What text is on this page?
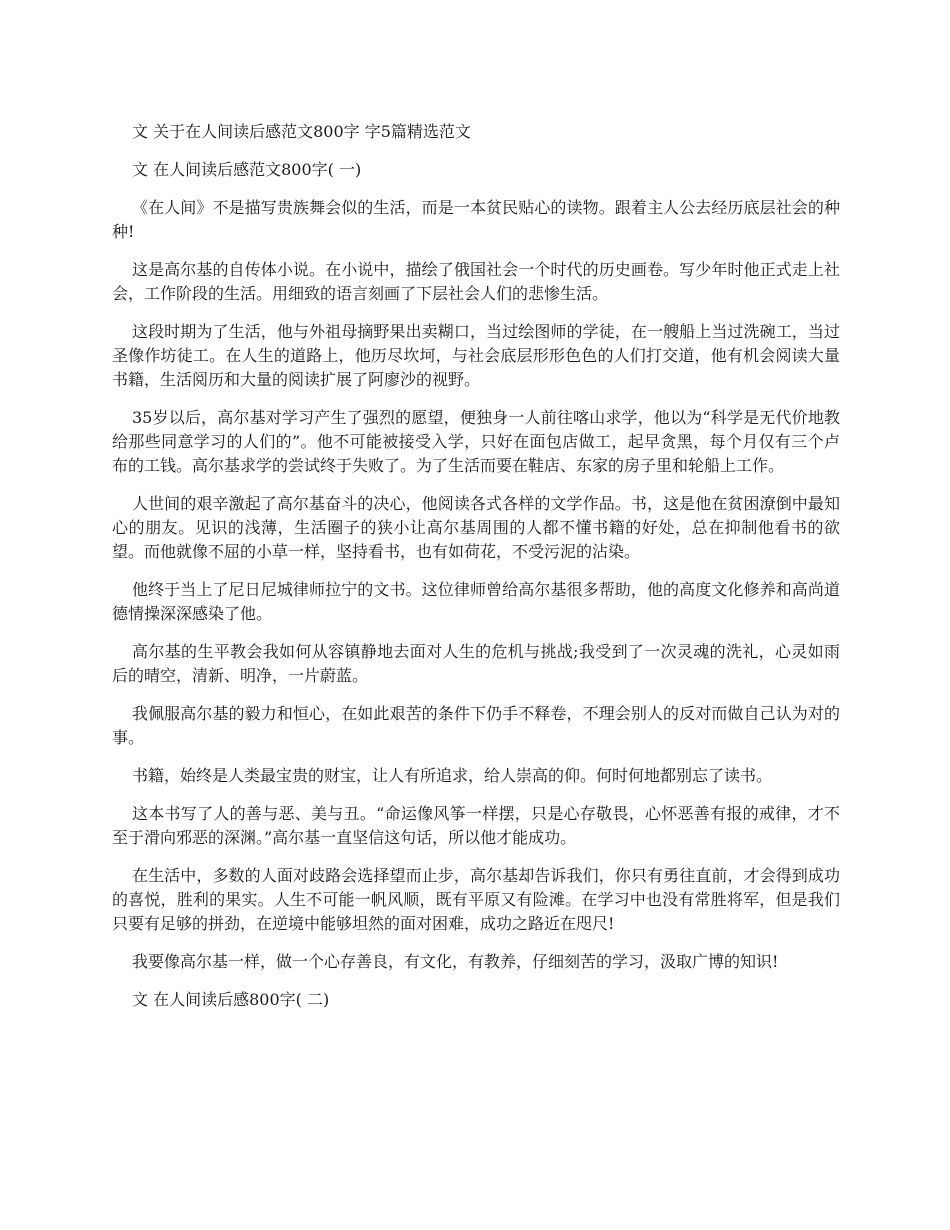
文 关于在人间读后感范文800字 字5篇精选范文
文 在人间读后感范文800字( 一)

《在人间》不是描写贵族舞会似的生活，而是一本贫民贴心的读物。跟着主人公去经历底层社会的种种!

这是高尔基的自传体小说。在小说中，描绘了俄国社会一个时代的历史画卷。写少年时他正式走上社会，工作阶段的生活。用细致的语言刻画了下层社会人们的悲惨生活。

这段时期为了生活，他与外祖母摘野果出卖糊口，当过绘图师的学徒，在一艘船上当过洗碗工，当过圣像作坊徒工。在人生的道路上，他历尽坎坷，与社会底层形形色色的人们打交道，他有机会阅读大量书籍，生活阅历和大量的阅读扩展了阿廖沙的视野。

35岁以后，高尔基对学习产生了强烈的愿望，便独身一人前往喀山求学，他以为“科学是无代价地教给那些同意学习的人们的”。他不可能被接受入学，只好在面包店做工，起早贪黑，每个月仅有三个卢布的工钱。高尔基求学的尝试终于失败了。为了生活而要在鞋店、东家的房子里和轮船上工作。

人世间的艰辛激起了高尔基奋斗的决心，他阅读各式各样的文学作品。书，这是他在贫困潦倒中最知心的朋友。见识的浅薄，生活圈子的狭小让高尔基周围的人都不懂书籍的好处，总在抑制他看书的欲望。而他就像不屈的小草一样，坚持看书，也有如荷花，不受污泥的沾染。

他终于当上了尼日尼城律师拉宁的文书。这位律师曾给高尔基很多帮助，他的高度文化修养和高尚道德情操深深感染了他。

高尔基的生平教会我如何从容镇静地去面对人生的危机与挑战;我受到了一次灵魂的洗礼，心灵如雨后的晴空，清新、明净，一片蔚蓝。

我佩服高尔基的毅力和恒心，在如此艰苦的条件下仍手不释卷，不理会别人的反对而做自己认为对的事。

书籍，始终是人类最宝贵的财宝，让人有所追求，给人崇高的仰。何时何地都别忘了读书。

这本书写了人的善与恶、美与丑。“命运像风筝一样摆，只是心存敬畏，心怀恶善有报的戒律，才不至于滑向邪恶的深渊。”高尔基一直坚信这句话，所以他才能成功。

在生活中，多数的人面对歧路会选择望而止步，高尔基却告诉我们，你只有勇往直前，才会得到成功的喜悦，胜利的果实。人生不可能一帆风顺，既有平原又有险滩。在学习中也没有常胜将军，但是我们只要有足够的拼劲，在逆境中能够坦然的面对困难，成功之路近在咫尺!

我要像高尔基一样，做一个心存善良，有文化，有教养，仔细刻苦的学习，汲取广博的知识!

文 在人间读后感800字( 二)
